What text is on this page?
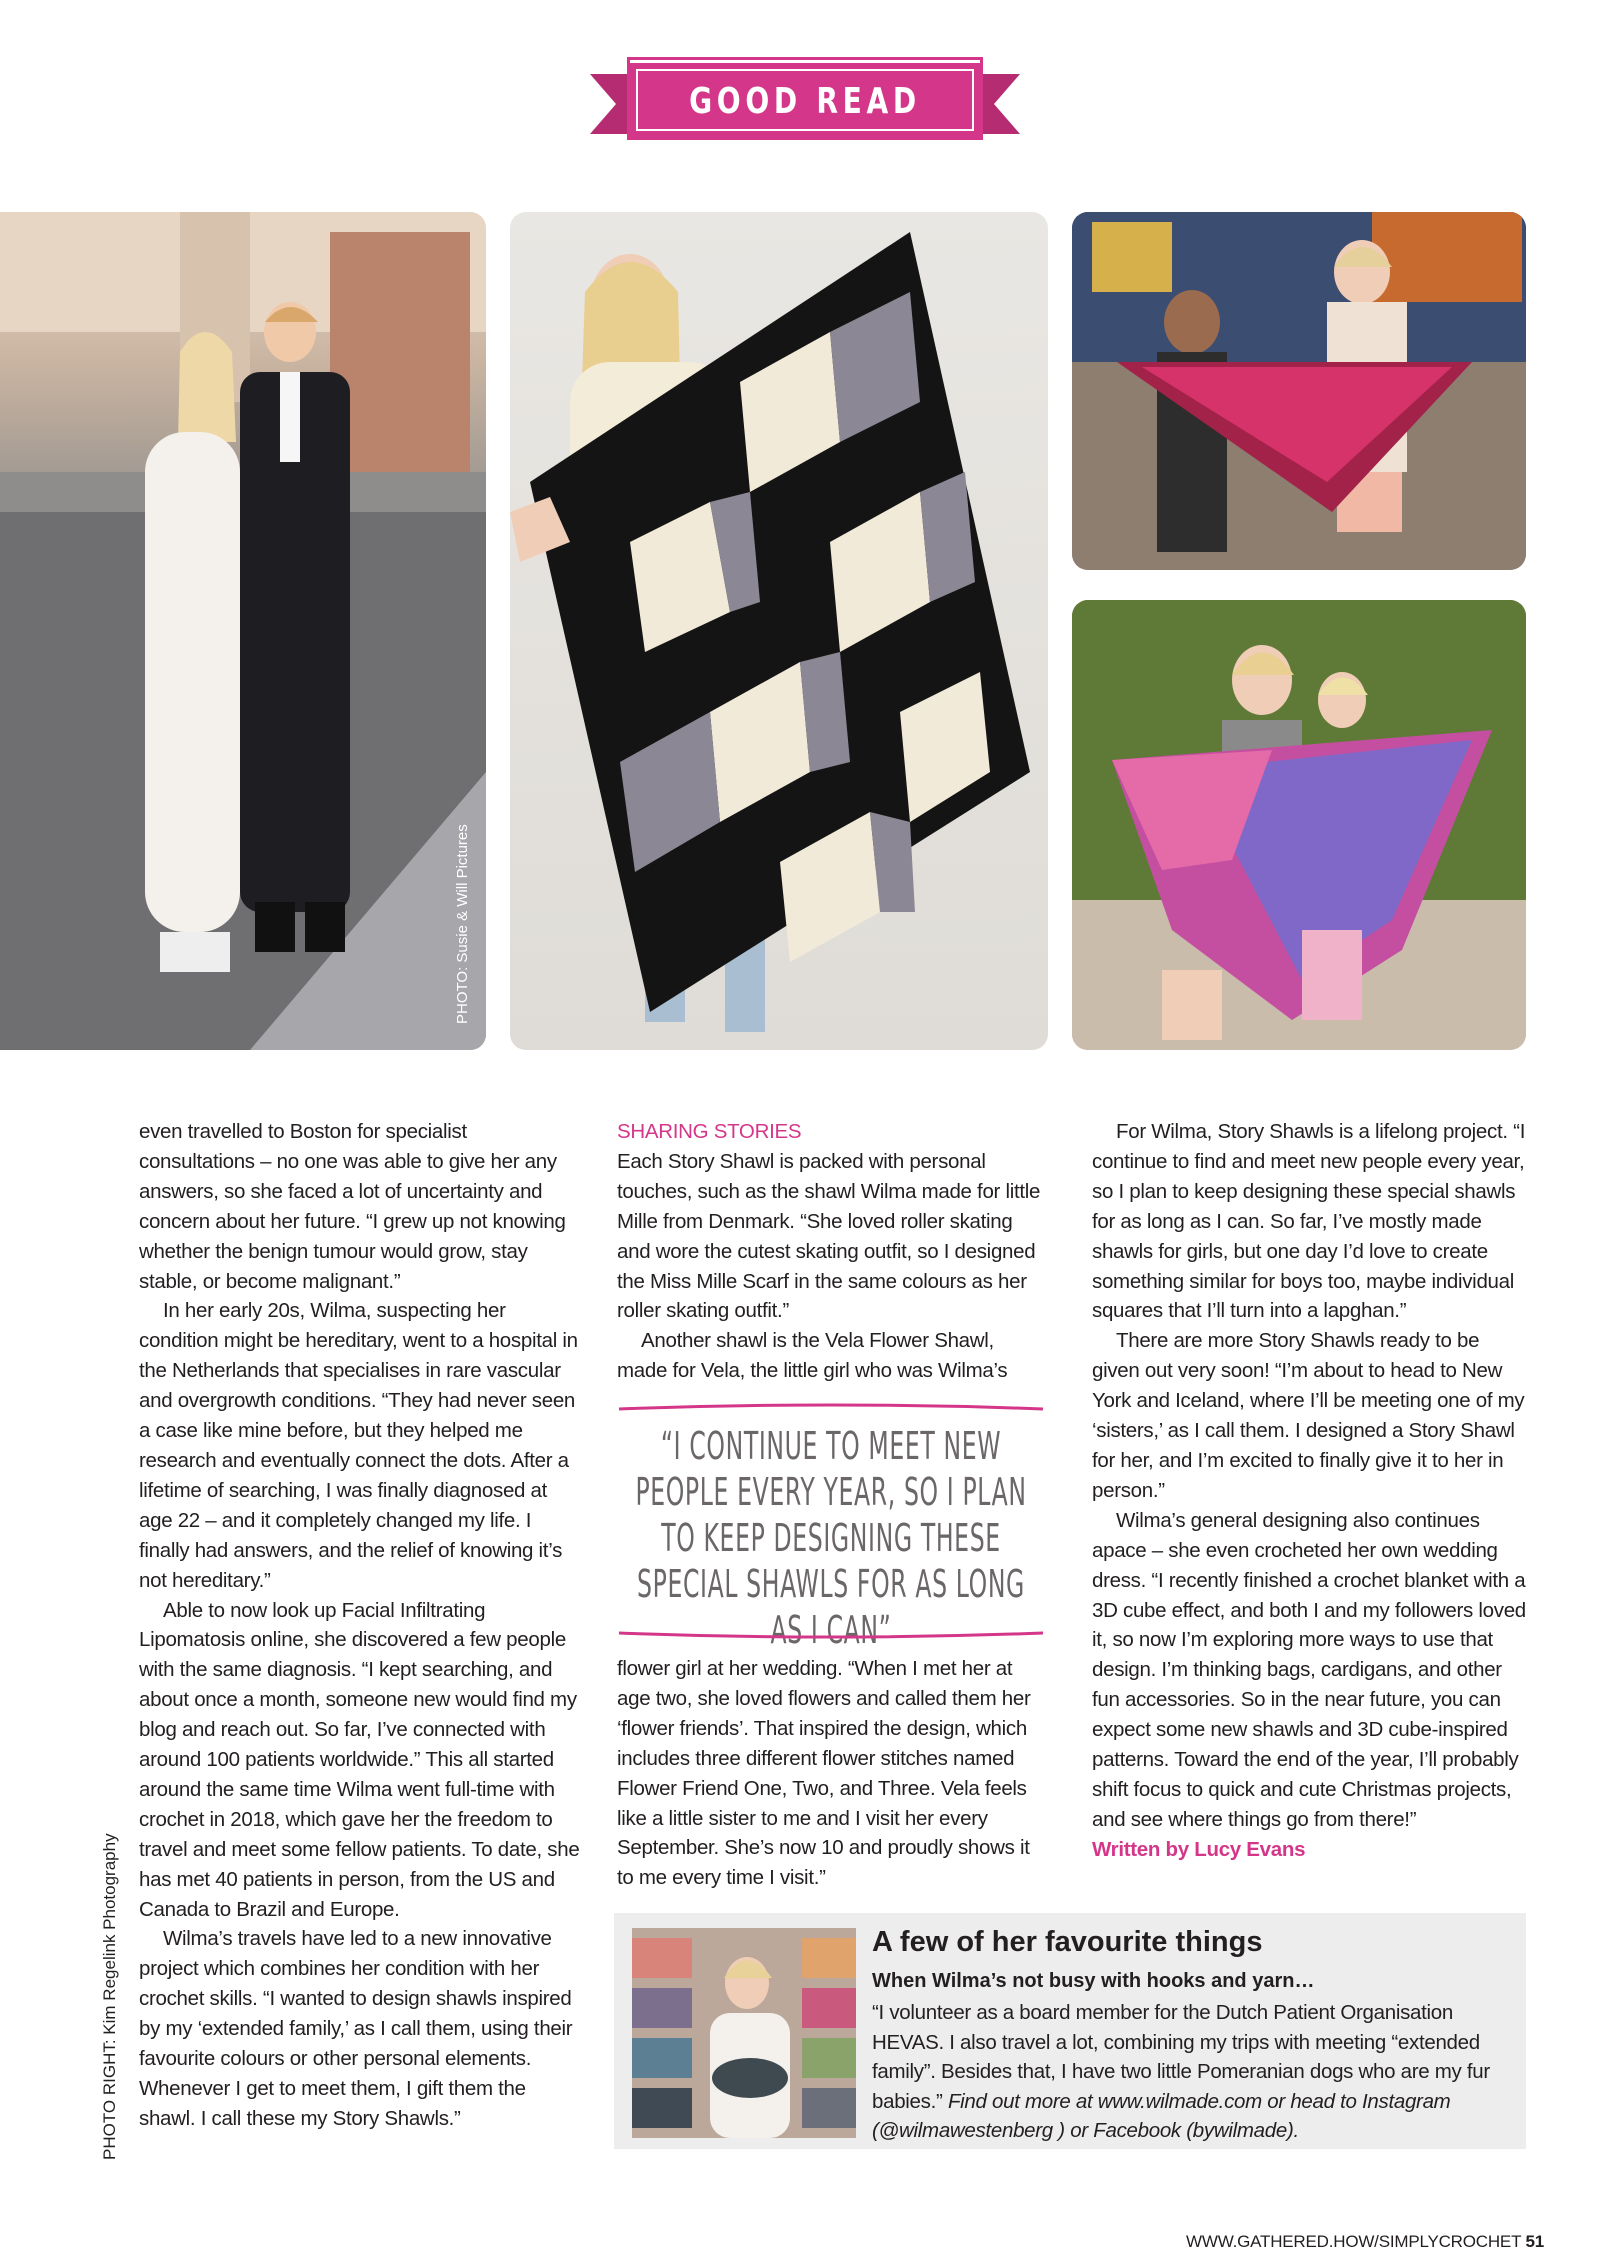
GOOD READ
PHOTO: Susie & Will Pictures
PHOTO RIGHT: Kim Regelink Photography

even travelled to Boston for specialist consultations – no one was able to give her any answers, so she faced a lot of uncertainty and concern about her future. “I grew up not knowing whether the benign tumour would grow, stay stable, or become malignant.”

In her early 20s, Wilma, suspecting her condition might be hereditary, went to a hospital in the Netherlands that specialises in rare vascular and overgrowth conditions. “They had never seen a case like mine before, but they helped me research and eventually connect the dots. After a lifetime of searching, I was finally diagnosed at age 22 – and it completely changed my life. I finally had answers, and the relief of knowing it’s not hereditary.”

Able to now look up Facial Infiltrating Lipomatosis online, she discovered a few people with the same diagnosis. “I kept searching, and about once a month, someone new would find my blog and reach out. So far, I’ve connected with around 100 patients worldwide.” This all started around the same time Wilma went full-time with crochet in 2018, which gave her the freedom to travel and meet some fellow patients. To date, she has met 40 patients in person, from the US and Canada to Brazil and Europe.

Wilma’s travels have led to a new innovative project which combines her condition with her crochet skills. “I wanted to design shawls inspired by my ‘extended family,’ as I call them, using their favourite colours or other personal elements. Whenever I get to meet them, I gift them the shawl. I call these my Story Shawls.”

SHARING STORIES

Each Story Shawl is packed with personal touches, such as the shawl Wilma made for little Mille from Denmark. “She loved roller skating and wore the cutest skating outfit, so I designed the Miss Mille Scarf in the same colours as her roller skating outfit.”

Another shawl is the Vela Flower Shawl, made for Vela, the little girl who was Wilma’s

“I CONTINUE TO MEET NEW PEOPLE EVERY YEAR, SO I PLAN TO KEEP DESIGNING THESE SPECIAL SHAWLS FOR AS LONG AS I CAN”

flower girl at her wedding. “When I met her at age two, she loved flowers and called them her ‘flower friends’. That inspired the design, which includes three different flower stitches named Flower Friend One, Two, and Three. Vela feels like a little sister to me and I visit her every September. She’s now 10 and proudly shows it to me every time I visit.”

For Wilma, Story Shawls is a lifelong project. “I continue to find and meet new people every year, so I plan to keep designing these special shawls for as long as I can. So far, I’ve mostly made shawls for girls, but one day I’d love to create something similar for boys too, maybe individual squares that I’ll turn into a lapghan.”

There are more Story Shawls ready to be given out very soon! “I’m about to head to New York and Iceland, where I’ll be meeting one of my ‘sisters,’ as I call them. I designed a Story Shawl for her, and I’m excited to finally give it to her in person.”

Wilma’s general designing also continues apace – she even crocheted her own wedding dress. “I recently finished a crochet blanket with a 3D cube effect, and both I and my followers loved it, so now I’m exploring more ways to use that design. I’m thinking bags, cardigans, and other fun accessories. So in the near future, you can expect some new shawls and 3D cube-inspired patterns. Toward the end of the year, I’ll probably shift focus to quick and cute Christmas projects, and see where things go from there!”

Written by Lucy Evans

A few of her favourite things
When Wilma’s not busy with hooks and yarn…
“I volunteer as a board member for the Dutch Patient Organisation HEVAS. I also travel a lot, combining my trips with meeting “extended family”. Besides that, I have two little Pomeranian dogs who are my fur babies.” Find out more at www.wilmade.com or head to Instagram (@wilmawestenberg ) or Facebook (bywilmade).
WWW.GATHERED.HOW/SIMPLYCROCHET 51
